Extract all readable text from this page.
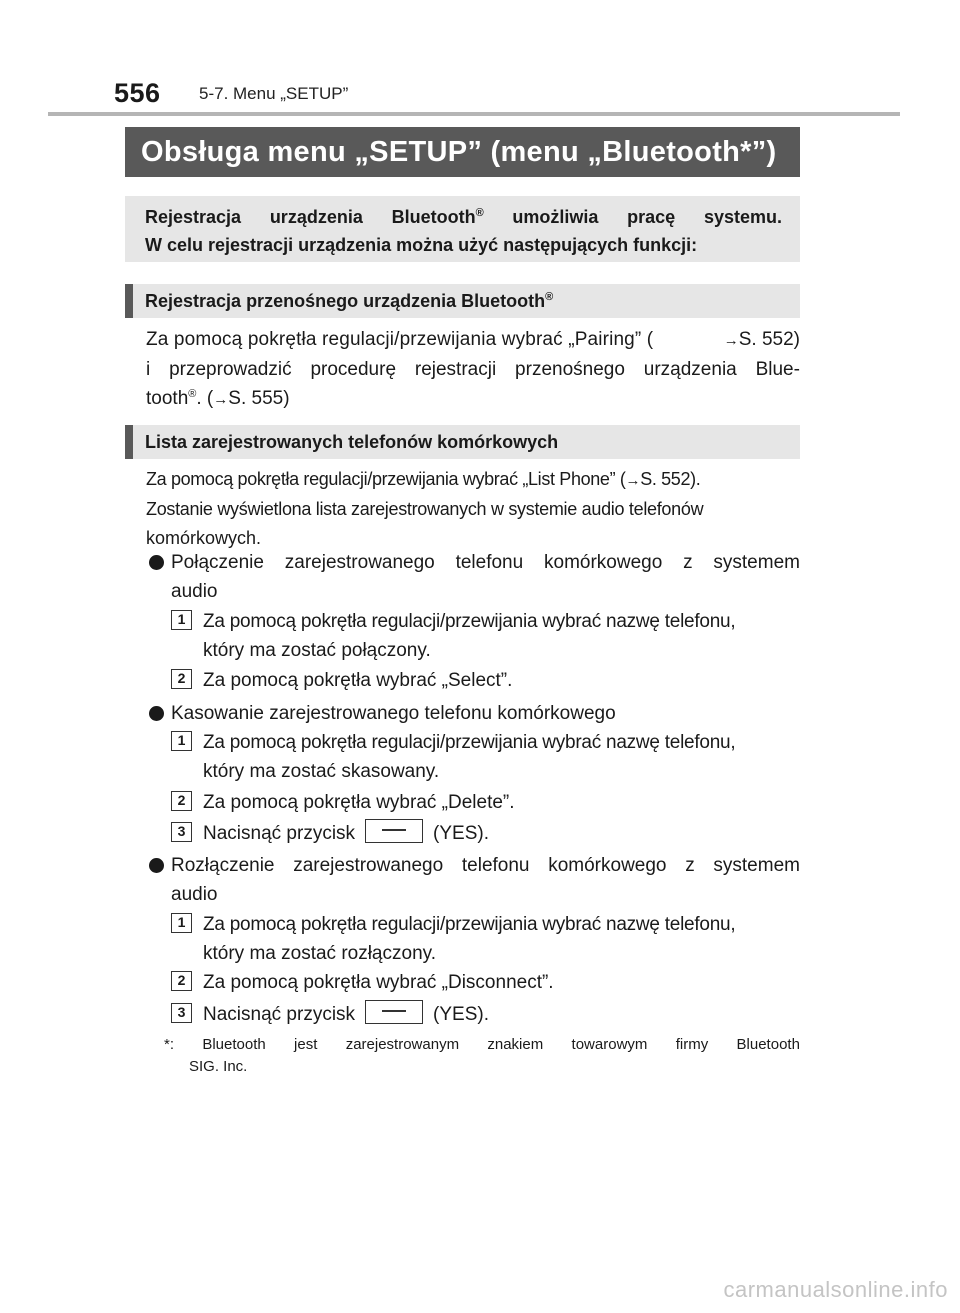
556 5-7. Menu „SETUP”
Obsługa menu „SETUP” (menu „Bluetooth*”)
Rejestracja urządzenia Bluetooth® umożliwia pracę systemu.
W celu rejestracji urządzenia można użyć następujących funkcji:
Rejestracja przenośnego urządzenia Bluetooth®
Za pomocą pokrętła regulacji/przewijania wybrać „Pairing” (	→S. 552)
i przeprowadzić procedurę rejestracji przenośnego urządzenia Blue-
tooth®. (→S. 555)
Lista zarejestrowanych telefonów komórkowych
Za pomocą pokrętła regulacji/przewijania wybrać „List Phone” (→S. 552).
Zostanie wyświetlona lista zarejestrowanych w systemie audio telefonów
komórkowych.
Połączenie zarejestrowanego telefonu komórkowego z systemem
audio
1 Za pomocą pokrętła regulacji/przewijania wybrać nazwę telefonu,
który ma zostać połączony.
2 Za pomocą pokrętła wybrać „Select”.
Kasowanie zarejestrowanego telefonu komórkowego
1 Za pomocą pokrętła regulacji/przewijania wybrać nazwę telefonu,
który ma zostać skasowany.
2 Za pomocą pokrętła wybrać „Delete”.
3 Nacisnąć przycisk	(YES).
Rozłączenie zarejestrowanego telefonu komórkowego z systemem
audio
1 Za pomocą pokrętła regulacji/przewijania wybrać nazwę telefonu,
który ma zostać rozłączony.
2 Za pomocą pokrętła wybrać „Disconnect”.
3 Nacisnąć przycisk	(YES).
*: Bluetooth jest zarejestrowanym znakiem towarowym firmy Bluetooth
SIG. Inc.
carmanualsonline.info
